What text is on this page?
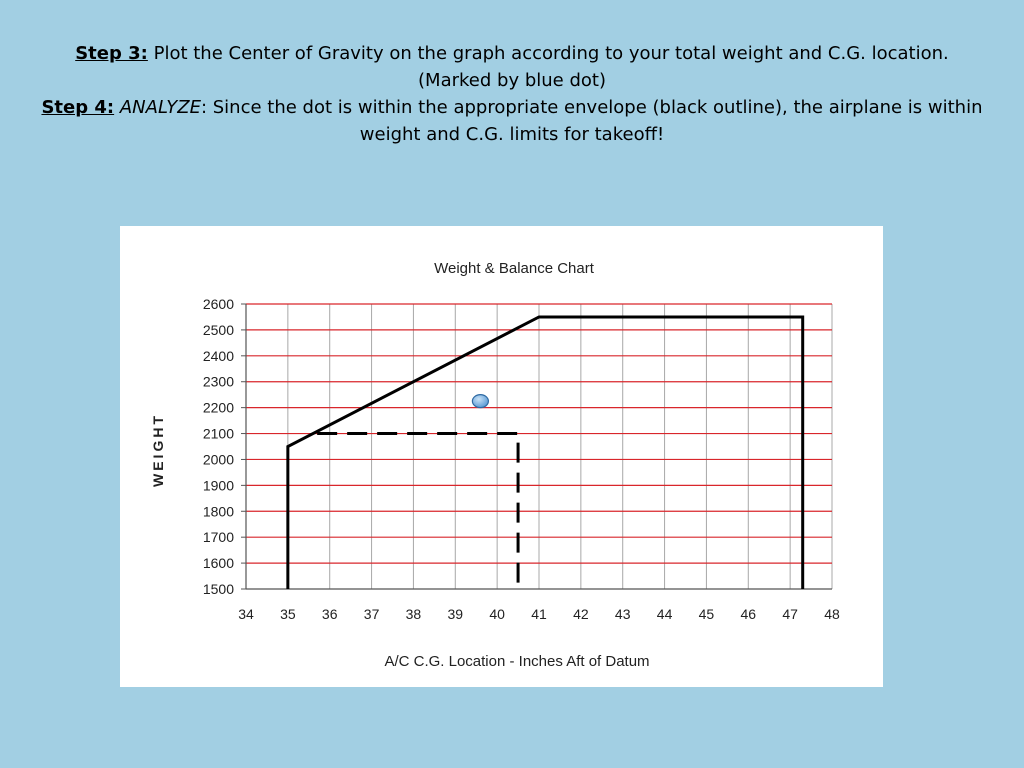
Step 3: Plot the Center of Gravity on the graph according to your total weight and C.G. location.
(Marked by blue dot)
Step 4: ANALYZE: Since the dot is within the appropriate envelope (black outline), the airplane is within weight and C.G. limits for takeoff!
34 35 36 37 38 39 40 41 42 43 44 45 46 47 48
1500
1600
1700
1800
1900
2000
2100
2200
2300
2400
2500
2600
Weight & Balance Chart
A/C C.G. Location - Inches Aft of Datum
WEIGHT
